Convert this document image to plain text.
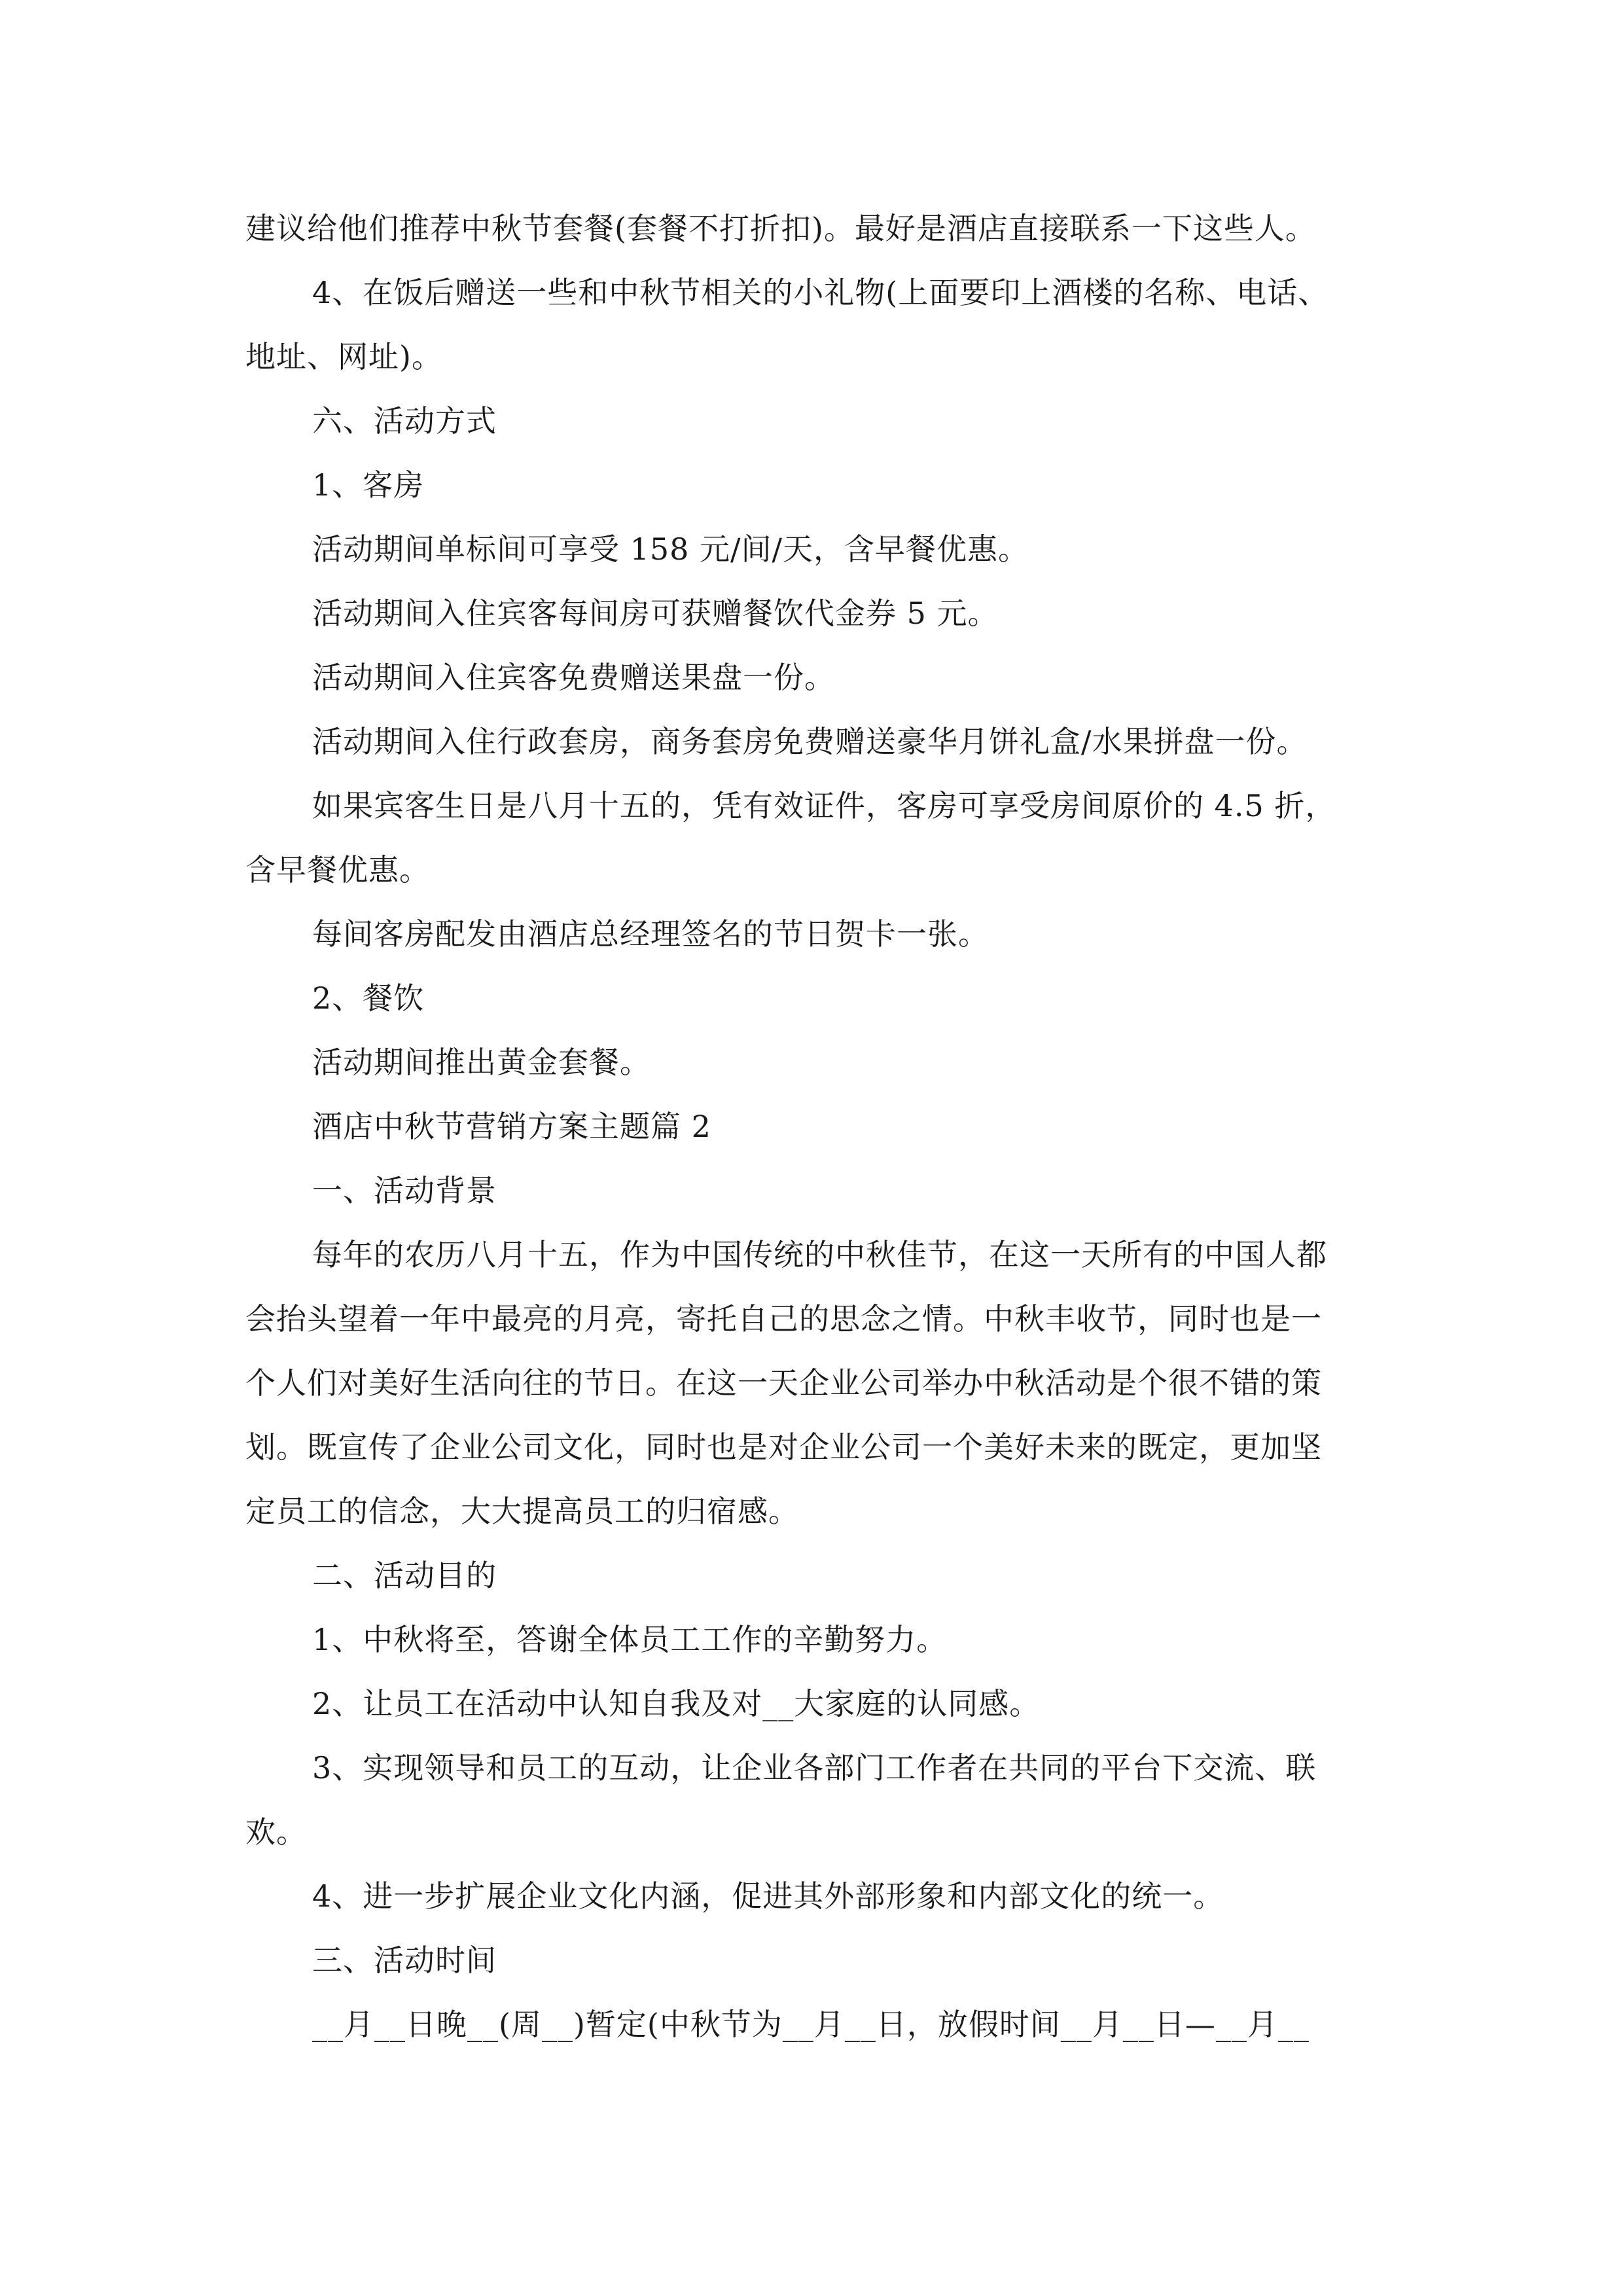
建议给他们推荐中秋节套餐(套餐不打折扣)。最好是酒店直接联系一下这些人。
4、在饭后赠送一些和中秋节相关的小礼物(上面要印上酒楼的名称、电话、
地址、网址)。
六、活动方式
1、客房
活动期间单标间可享受 158 元/间/天，含早餐优惠。
活动期间入住宾客每间房可获赠餐饮代金券 5 元。
活动期间入住宾客免费赠送果盘一份。
活动期间入住行政套房，商务套房免费赠送豪华月饼礼盒/水果拼盘一份。
如果宾客生日是八月十五的，凭有效证件，客房可享受房间原价的 4.5 折，
含早餐优惠。
每间客房配发由酒店总经理签名的节日贺卡一张。
2、餐饮
活动期间推出黄金套餐。
酒店中秋节营销方案主题篇 2
一、活动背景
每年的农历八月十五，作为中国传统的中秋佳节，在这一天所有的中国人都
会抬头望着一年中最亮的月亮，寄托自己的思念之情。中秋丰收节，同时也是一
个人们对美好生活向往的节日。在这一天企业公司举办中秋活动是个很不错的策
划。既宣传了企业公司文化，同时也是对企业公司一个美好未来的既定，更加坚
定员工的信念，大大提高员工的归宿感。
二、活动目的
1、中秋将至，答谢全体员工工作的辛勤努力。
2、让员工在活动中认知自我及对__大家庭的认同感。
3、实现领导和员工的互动，让企业各部门工作者在共同的平台下交流、联
欢。
4、进一步扩展企业文化内涵，促进其外部形象和内部文化的统一。
三、活动时间
__月__日晚__(周__)暂定(中秋节为__月__日，放假时间__月__日—__月__
